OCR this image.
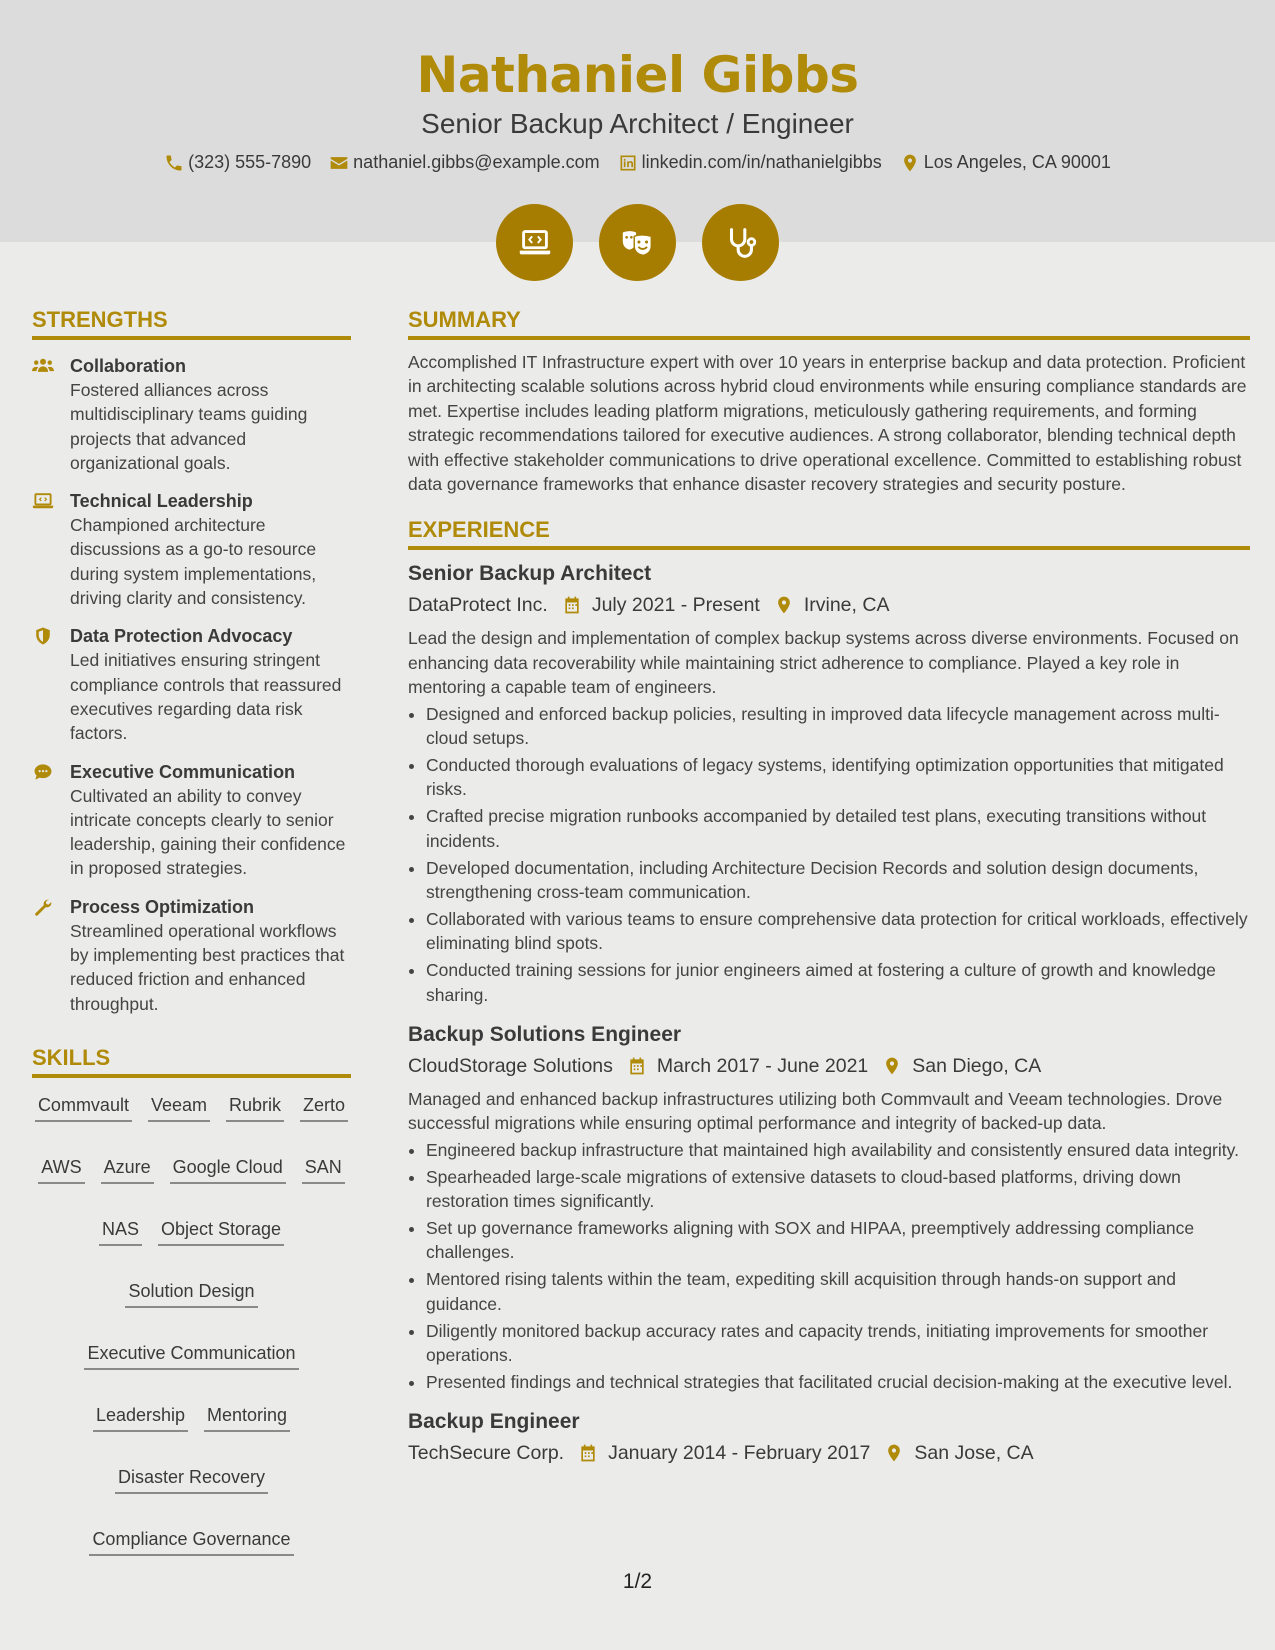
Nathaniel Gibbs
Senior Backup Architect / Engineer
(323) 555-7890 nathaniel.gibbs@example.com linkedin.com/in/nathanielgibbs Los Angeles, CA 90001
STRENGTHS
Collaboration
Fostered alliances across multidisciplinary teams guiding projects that advanced organizational goals.
Technical Leadership
Championed architecture discussions as a go-to resource during system implementations, driving clarity and consistency.
Data Protection Advocacy
Led initiatives ensuring stringent compliance controls that reassured executives regarding data risk factors.
Executive Communication
Cultivated an ability to convey intricate concepts clearly to senior leadership, gaining their confidence in proposed strategies.
Process Optimization
Streamlined operational workflows by implementing best practices that reduced friction and enhanced throughput.
SKILLS
Commvault Veeam Rubrik Zerto
AWS Azure Google Cloud SAN
NAS Object Storage
Solution Design
Executive Communication
Leadership Mentoring
Disaster Recovery
Compliance Governance
SUMMARY
Accomplished IT Infrastructure expert with over 10 years in enterprise backup and data protection. Proficient in architecting scalable solutions across hybrid cloud environments while ensuring compliance standards are met. Expertise includes leading platform migrations, meticulously gathering requirements, and forming strategic recommendations tailored for executive audiences. A strong collaborator, blending technical depth with effective stakeholder communications to drive operational excellence. Committed to establishing robust data governance frameworks that enhance disaster recovery strategies and security posture.
EXPERIENCE
Senior Backup Architect
DataProtect Inc. July 2021 - Present Irvine, CA
Lead the design and implementation of complex backup systems across diverse environments. Focused on enhancing data recoverability while maintaining strict adherence to compliance. Played a key role in mentoring a capable team of engineers.
• Designed and enforced backup policies, resulting in improved data lifecycle management across multi-cloud setups.
• Conducted thorough evaluations of legacy systems, identifying optimization opportunities that mitigated risks.
• Crafted precise migration runbooks accompanied by detailed test plans, executing transitions without incidents.
• Developed documentation, including Architecture Decision Records and solution design documents, strengthening cross-team communication.
• Collaborated with various teams to ensure comprehensive data protection for critical workloads, effectively eliminating blind spots.
• Conducted training sessions for junior engineers aimed at fostering a culture of growth and knowledge sharing.
Backup Solutions Engineer
CloudStorage Solutions March 2017 - June 2021 San Diego, CA
Managed and enhanced backup infrastructures utilizing both Commvault and Veeam technologies. Drove successful migrations while ensuring optimal performance and integrity of backed-up data.
• Engineered backup infrastructure that maintained high availability and consistently ensured data integrity.
• Spearheaded large-scale migrations of extensive datasets to cloud-based platforms, driving down restoration times significantly.
• Set up governance frameworks aligning with SOX and HIPAA, preemptively addressing compliance challenges.
• Mentored rising talents within the team, expediting skill acquisition through hands-on support and guidance.
• Diligently monitored backup accuracy rates and capacity trends, initiating improvements for smoother operations.
• Presented findings and technical strategies that facilitated crucial decision-making at the executive level.
Backup Engineer
TechSecure Corp. January 2014 - February 2017 San Jose, CA
1/2
